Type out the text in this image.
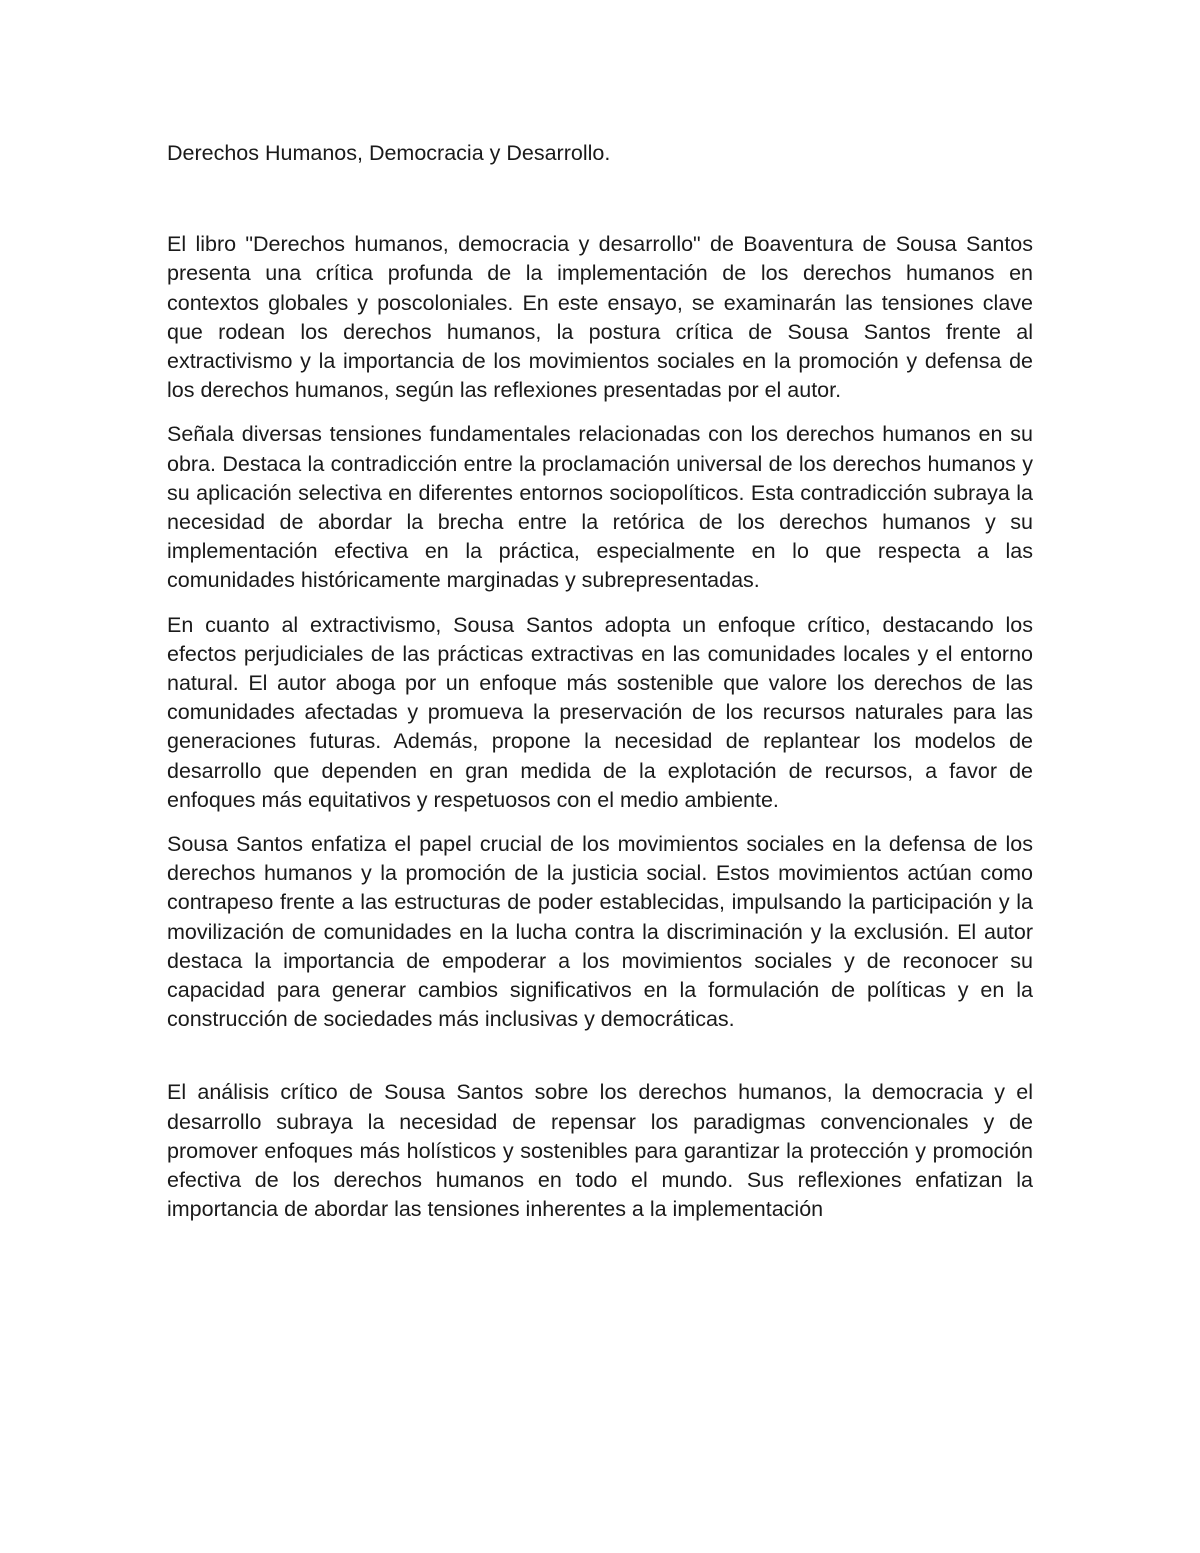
Derechos Humanos, Democracia y Desarrollo.

El libro "Derechos humanos, democracia y desarrollo" de Boaventura de Sousa Santos presenta una crítica profunda de la implementación de los derechos humanos en contextos globales y poscoloniales. En este ensayo, se examinarán las tensiones clave que rodean los derechos humanos, la postura crítica de Sousa Santos frente al extractivismo y la importancia de los movimientos sociales en la promoción y defensa de los derechos humanos, según las reflexiones presentadas por el autor.

Señala diversas tensiones fundamentales relacionadas con los derechos humanos en su obra. Destaca la contradicción entre la proclamación universal de los derechos humanos y su aplicación selectiva en diferentes entornos sociopolíticos. Esta contradicción subraya la necesidad de abordar la brecha entre la retórica de los derechos humanos y su implementación efectiva en la práctica, especialmente en lo que respecta a las comunidades históricamente marginadas y subrepresentadas.

En cuanto al extractivismo, Sousa Santos adopta un enfoque crítico, destacando los efectos perjudiciales de las prácticas extractivas en las comunidades locales y el entorno natural. El autor aboga por un enfoque más sostenible que valore los derechos de las comunidades afectadas y promueva la preservación de los recursos naturales para las generaciones futuras. Además, propone la necesidad de replantear los modelos de desarrollo que dependen en gran medida de la explotación de recursos, a favor de enfoques más equitativos y respetuosos con el medio ambiente.

Sousa Santos enfatiza el papel crucial de los movimientos sociales en la defensa de los derechos humanos y la promoción de la justicia social. Estos movimientos actúan como contrapeso frente a las estructuras de poder establecidas, impulsando la participación y la movilización de comunidades en la lucha contra la discriminación y la exclusión. El autor destaca la importancia de empoderar a los movimientos sociales y de reconocer su capacidad para generar cambios significativos en la formulación de políticas y en la construcción de sociedades más inclusivas y democráticas.

El análisis crítico de Sousa Santos sobre los derechos humanos, la democracia y el desarrollo subraya la necesidad de repensar los paradigmas convencionales y de promover enfoques más holísticos y sostenibles para garantizar la protección y promoción efectiva de los derechos humanos en todo el mundo. Sus reflexiones enfatizan la importancia de abordar las tensiones inherentes a la implementación
